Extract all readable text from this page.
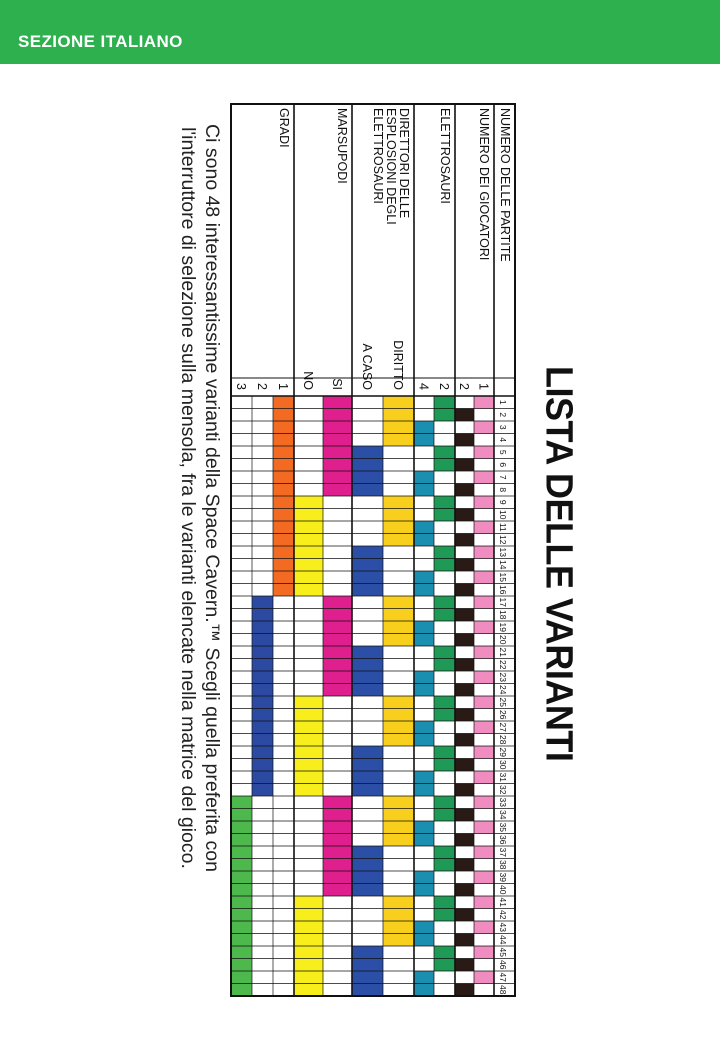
SEZIONE ITALIANO
LISTA DELLE VARIANTI
1
2
3
4
5
6
7
8
9
10
11
12
13
14
15
16
17
18
19
20
21
22
23
24
25
26
27
28
29
30
31
32
33
34
35
36
37
38
39
40
41
42
43
44
45
46
47
48
NUMERO DELLE PARTITE
NUMERO DEI GIOCATORI
1
2
ELETTROSAURI
2
4
DIRETTORI DELLE
ESPLOSIONI DEGLI
ELETTROSAURI
DIRITTO
A CASO
MARSUPODI
SI
NO
GRADI
1
2
3
Ci sono 48 interessantissime varianti della Space Cavern.™ Scegli quella preferita con l'interruttore di selezione sulla mensola, fra le varianti elencate nella matrice del gioco.
